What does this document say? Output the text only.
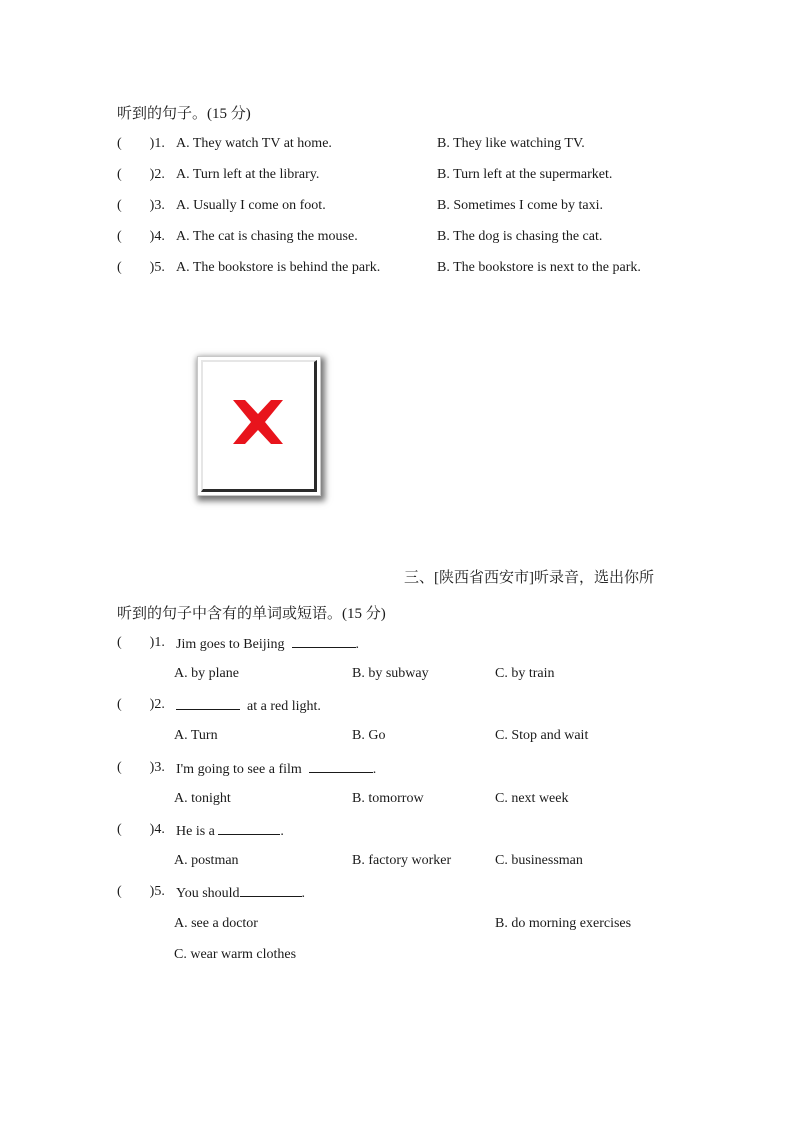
听到的句子。(15 分)
( )1. A. They watch TV at home.	B. They like watching TV.
( )2. A. Turn left at the library.	B. Turn left at the supermarket.
( )3. A. Usually I come on foot.	B. Sometimes I come by taxi.
( )4. A. The cat is chasing the mouse.	B. The dog is chasing the cat.
( )5. A. The bookstore is behind the park.	B. The bookstore is next to the park.
三、[陕西省西安市]听录音，选出你所
听到的句子中含有的单词或短语。(15 分)
( )1. Jim goes to Beijing	.
A. by plane	B. by subway	C. by train
( )2.	at a red light.
A. Turn	B. Go	C. Stop and wait
( )3. I'm going to see a film	.
A. tonight	B. tomorrow	C. next week
( )4. He is a	.
A. postman	B. factory worker	C. businessman
( )5. You should	.
A. see a doctor	B. do morning exercises
C. wear warm clothes
